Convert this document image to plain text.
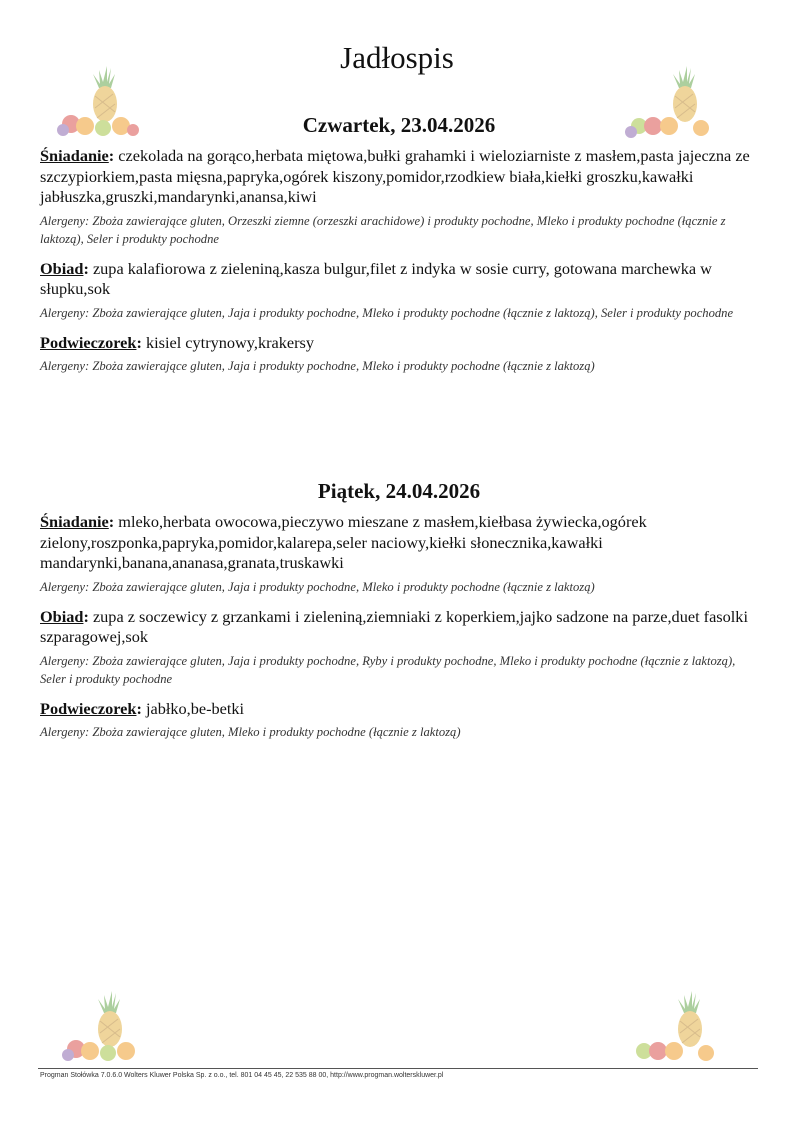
Jadłospis
Czwartek, 23.04.2026

Śniadanie: czekolada na gorąco,herbata miętowa,bułki grahamki i wieloziarniste z masłem,pasta jajeczna ze szczypiorkiem,pasta mięsna,papryka,ogórek kiszony,pomidor,rzodkiew biała,kiełki groszku,kawałki jabłuszka,gruszki,mandarynki,anansa,kiwi

Alergeny: Zboża zawierające gluten, Orzeszki ziemne (orzeszki arachidowe) i produkty pochodne, Mleko i produkty pochodne (łącznie z laktozą), Seler i produkty pochodne

Obiad: zupa kalafiorowa z zieleniną,kasza bulgur,filet z indyka w sosie curry, gotowana marchewka w słupku,sok

Alergeny: Zboża zawierające gluten, Jaja i produkty pochodne, Mleko i produkty pochodne (łącznie z laktozą), Seler i produkty pochodne

Podwieczorek: kisiel cytrynowy,krakersy

Alergeny: Zboża zawierające gluten, Jaja i produkty pochodne, Mleko i produkty pochodne (łącznie z laktozą)

Piątek, 24.04.2026

Śniadanie: mleko,herbata owocowa,pieczywo mieszane z masłem,kiełbasa żywiecka,ogórek zielony,roszponka,papryka,pomidor,kalarepa,seler naciowy,kiełki słonecznika,kawałki mandarynki,banana,ananasa,granata,truskawki

Alergeny: Zboża zawierające gluten, Jaja i produkty pochodne, Mleko i produkty pochodne (łącznie z laktozą)

Obiad: zupa z soczewicy z grzankami i zieleniną,ziemniaki z koperkiem,jajko sadzone na parze,duet fasolki szparagowej,sok

Alergeny: Zboża zawierające gluten, Jaja i produkty pochodne, Ryby i produkty pochodne, Mleko i produkty pochodne (łącznie z laktozą), Seler i produkty pochodne

Podwieczorek: jabłko,be-betki

Alergeny: Zboża zawierające gluten, Mleko i produkty pochodne (łącznie z laktozą)

Progman Stołówka 7.0.6.0 Wolters Kluwer Polska Sp. z o.o., tel. 801 04 45 45, 22 535 88 00, http://www.progman.wolterskluwer.pl
